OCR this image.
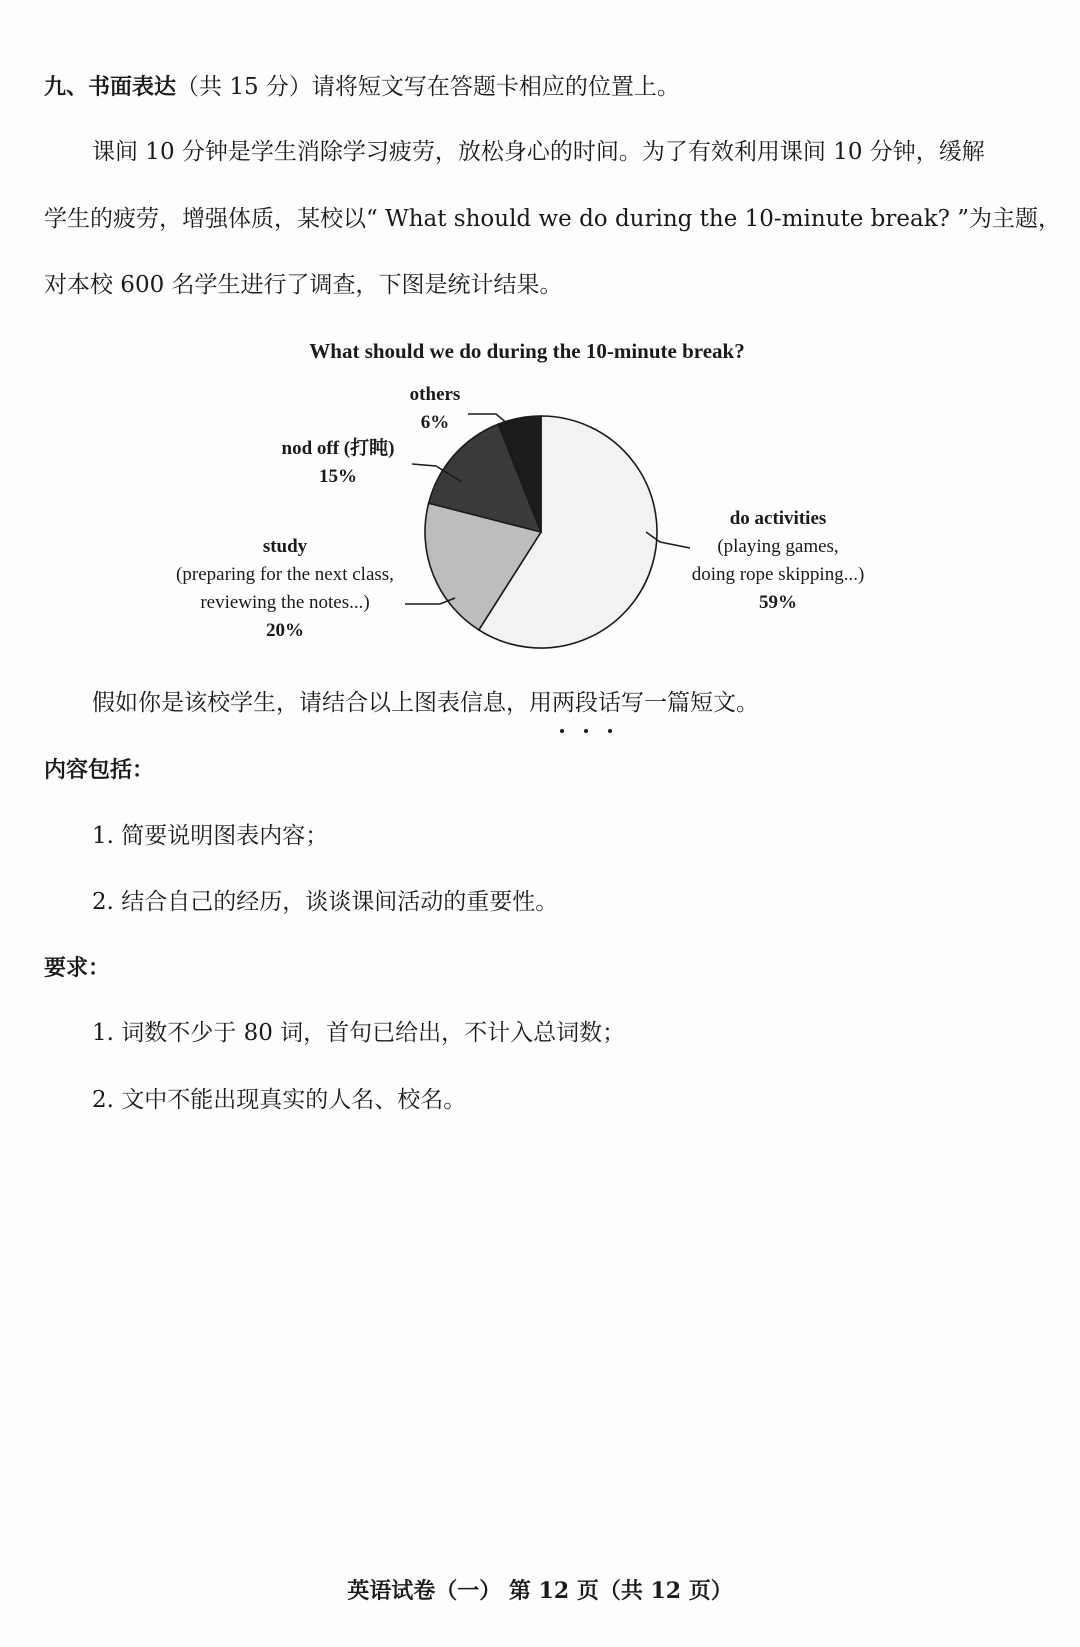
九、书面表达（共 15 分）请将短文写在答题卡相应的位置上。
课间 10 分钟是学生消除学习疲劳，放松身心的时间。为了有效利用课间 10 分钟，缓解
学生的疲劳，增强体质，某校以“ What should we do during the 10-minute break? ”为主题，
对本校 600 名学生进行了调查，下图是统计结果。
What should we do during the 10-minute break?
do activities
(playing games,
doing rope skipping...)
59%
study
(preparing for the next class,
reviewing the notes...)
20%
nod off (打盹)
15%
others
6%
假如你是该校学生，请结合以上图表信息，用两段话写一篇短文。
内容包括：
1. 简要说明图表内容；
2. 结合自己的经历，谈谈课间活动的重要性。
要求：
1. 词数不少于 80 词，首句已给出，不计入总词数；
2. 文中不能出现真实的人名、校名。
英语试卷（一） 第 12 页（共 12 页）
